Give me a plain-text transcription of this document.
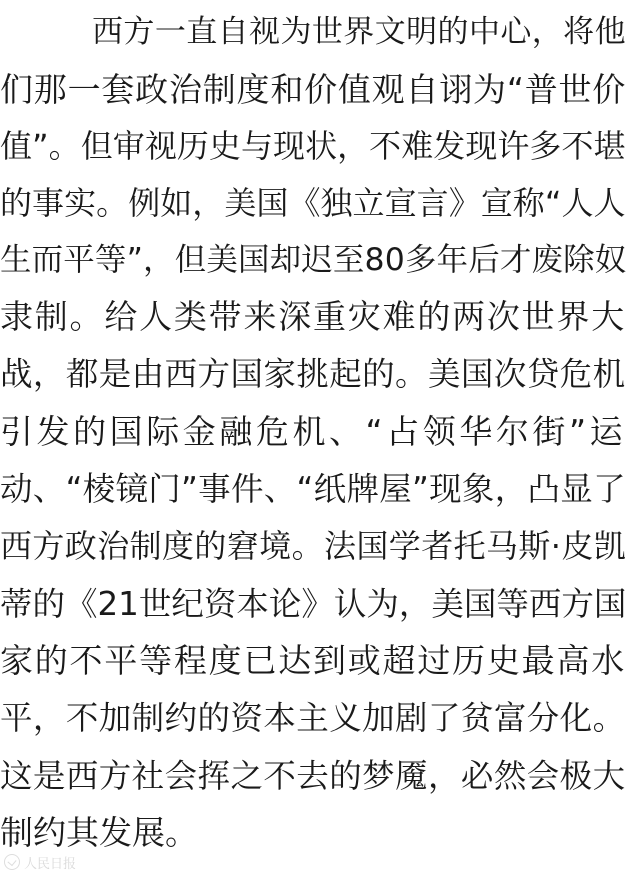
西方一直自视为世界文明的中心，将他
们那一套政治制度和价值观自诩为“普世价
值”。但审视历史与现状，不难发现许多不堪
的事实。例如，美国《独立宣言》宣称“人人
生而平等”，但美国却迟至80多年后才废除奴
隶制。给人类带来深重灾难的两次世界大
战，都是由西方国家挑起的。美国次贷危机
引发的国际金融危机、“占领华尔街”运
动、“棱镜门”事件、“纸牌屋”现象，凸显了
西方政治制度的窘境。法国学者托马斯·皮凯
蒂的《21世纪资本论》认为，美国等西方国
家的不平等程度已达到或超过历史最高水
平，不加制约的资本主义加剧了贫富分化。
这是西方社会挥之不去的梦魇，必然会极大
制约其发展。
人民日报
